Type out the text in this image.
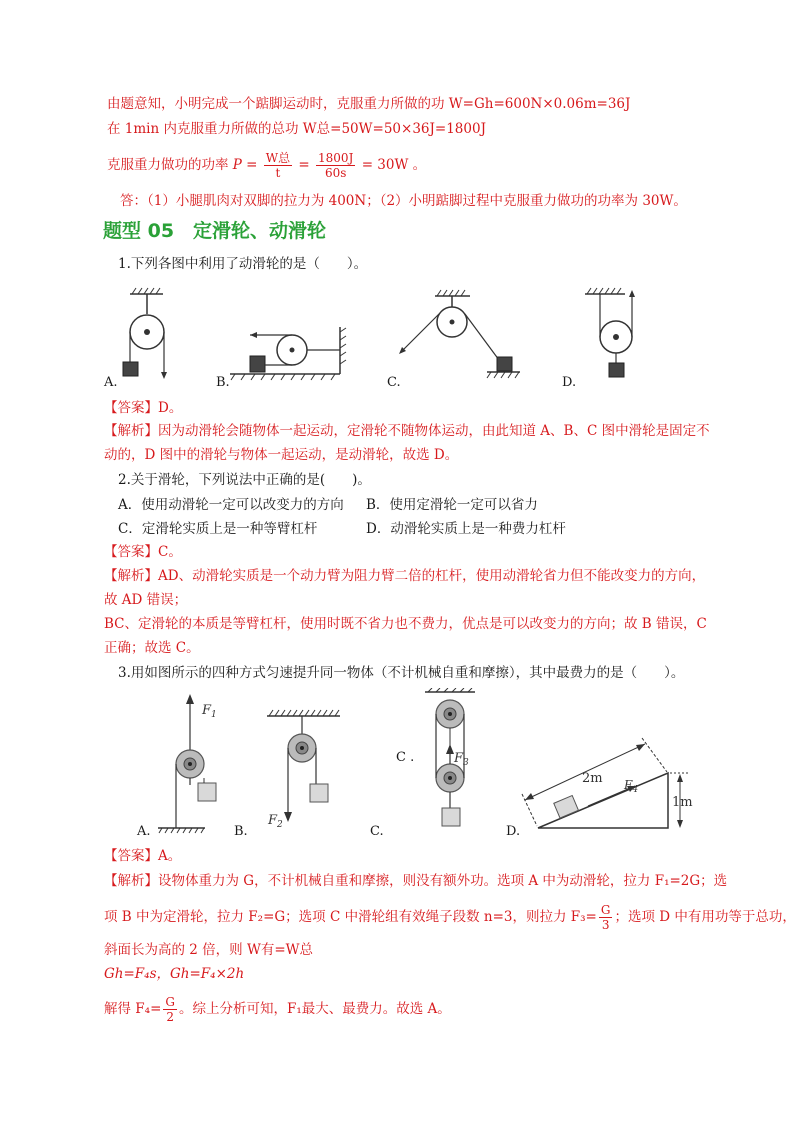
由题意知，小明完成一个踮脚运动时，克服重力所做的功 W=Gh=600N×0.06m=36J
在 1min 内克服重力所做的总功 W总=50W=50×36J=1800J
克服重力做功的功率 $P = \frac{\text{W总}}{t} = \frac{1800J}{60s} = 30W$ 。
答：（1）小腿肌肉对双脚的拉力为 400N；（2）小明踮脚过程中克服重力做功的功率为 30W。
题型 05　定滑轮、动滑轮
1.下列各图中利用了动滑轮的是（　　）。
A.	B.	C.	D.
【答案】D。
【解析】因为动滑轮会随物体一起运动，定滑轮不随物体运动，由此知道 A、B、C 图中滑轮是固定不
动的，D 图中的滑轮与物体一起运动，是动滑轮，故选 D。
2.关于滑轮，下列说法中正确的是(　　)。
A．使用动滑轮一定可以改变力的方向 B．使用定滑轮一定可以省力
C．定滑轮实质上是一种等臂杠杆	D．动滑轮实质上是一种费力杠杆
【答案】C。
【解析】AD、动滑轮实质是一个动力臂为阻力臂二倍的杠杆，使用动滑轮省力但不能改变力的方向，
故 AD 错误；
BC、定滑轮的本质是等臂杠杆，使用时既不省力也不费力，优点是可以改变力的方向；故 B 错误，C
正确；故选 C。
3.用如图所示的四种方式匀速提升同一物体（不计机械自重和摩擦），其中最费力的是（　　）。
$F_1$
$F_2$
$F_3$
2m $F_4$
1m
A.	B.
C .
C.	D.
【答案】A。
【解析】设物体重力为 G，不计机械自重和摩擦，则没有额外功。选项 A 中为动滑轮，拉力 F₁=2G；选
项 B 中为定滑轮，拉力 F₂=G；选项 C 中滑轮组有效绳子段数 n=3，则拉力 $F_3= \frac{G}{3}$ ；选项 D 中有用功等于总功，
斜面长为高的 2 倍，则 W有=W总
Gh=F₄s，Gh=F₄×2h
解得 $F_4= \frac{G}{2}$ 。综上分析可知，F₁最大、最费力。故选 A。
